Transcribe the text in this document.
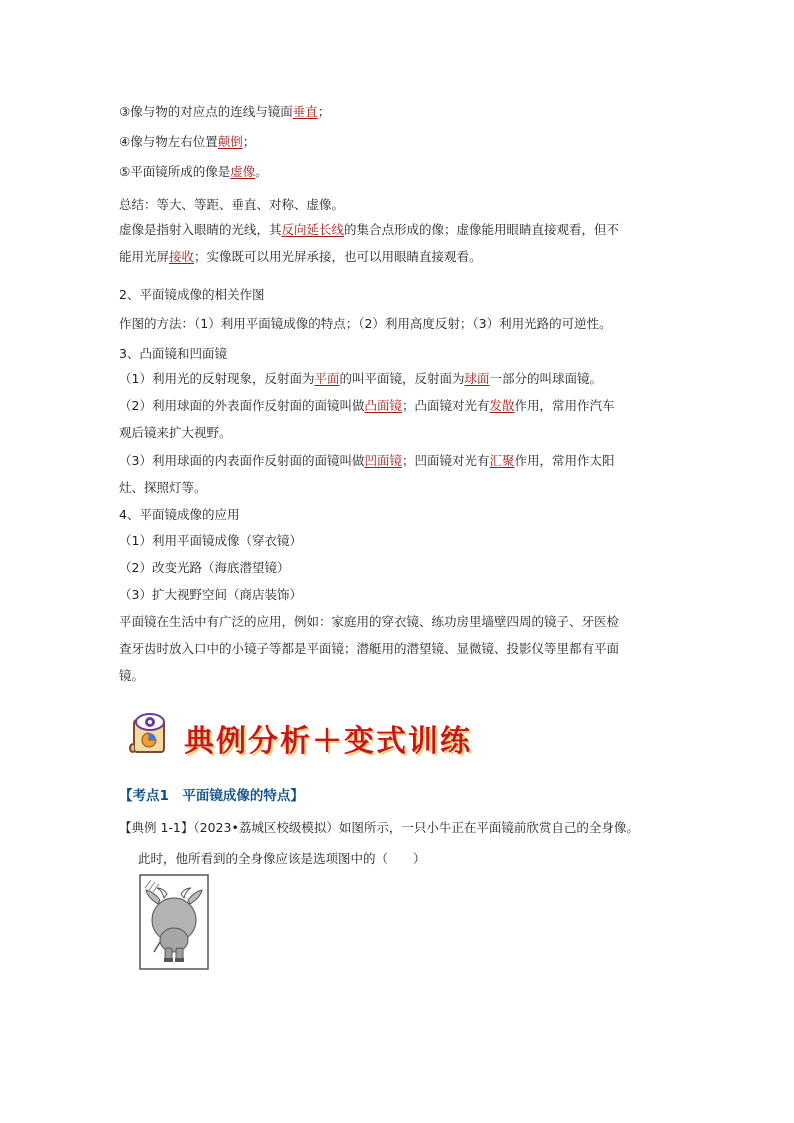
③像与物的对应点的连线与镜面垂直；
④像与物左右位置颠倒；
⑤平面镜所成的像是虚像。
总结：等大、等距、垂直、对称、虚像。
虚像是指射入眼睛的光线，其反向延长线的集合点形成的像；虚像能用眼睛直接观看，但不
能用光屏接收；实像既可以用光屏承接，也可以用眼睛直接观看。
2、平面镜成像的相关作图
作图的方法：（1）利用平面镜成像的特点；（2）利用高度反射；（3）利用光路的可逆性。
3、凸面镜和凹面镜
（1）利用光的反射现象，反射面为平面的叫平面镜，反射面为球面一部分的叫球面镜。
（2）利用球面的外表面作反射面的面镜叫做凸面镜；凸面镜对光有发散作用，常用作汽车
观后镜来扩大视野。
（3）利用球面的内表面作反射面的面镜叫做凹面镜；凹面镜对光有汇聚作用，常用作太阳
灶、探照灯等。
4、平面镜成像的应用
（1）利用平面镜成像（穿衣镜）
（2）改变光路（海底潜望镜）
（3）扩大视野空间（商店装饰）
平面镜在生活中有广泛的应用，例如：家庭用的穿衣镜、练功房里墙壁四周的镜子、牙医检
查牙齿时放入口中的小镜子等都是平面镜；潜艇用的潜望镜、显微镜、投影仪等里都有平面
镜。
典例分析＋变式训练
【考点1　平面镜成像的特点】
【典例 1-1】（2023•荔城区校级模拟）如图所示，一只小牛正在平面镜前欣赏自己的全身像。
此时，他所看到的全身像应该是选项图中的（　　）
